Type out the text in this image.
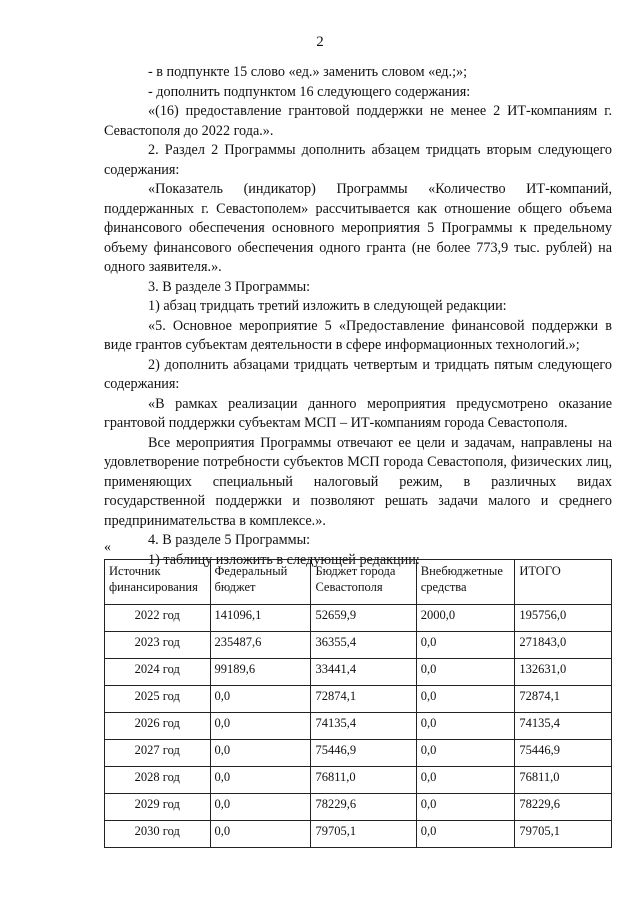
2

- в подпункте 15 слово «ед.» заменить словом «ед.;»;

- дополнить подпунктом 16 следующего содержания:

«(16) предоставление грантовой поддержки не менее 2 ИТ-компаниям г. Севастополя до 2022 года.».

2. Раздел 2 Программы дополнить абзацем тридцать вторым следующего содержания:

«Показатель (индикатор) Программы «Количество ИТ-компаний, поддержанных г. Севастополем» рассчитывается как отношение общего объема финансового обеспечения основного мероприятия 5 Программы к предельному объему финансового обеспечения одного гранта (не более 773,9 тыс. рублей) на одного заявителя.».

3. В разделе 3 Программы:

1) абзац тридцать третий изложить в следующей редакции:

«5. Основное мероприятие 5 «Предоставление финансовой поддержки в виде грантов субъектам деятельности в сфере информационных технологий.»;

2) дополнить абзацами тридцать четвертым и тридцать пятым следующего содержания:

«В рамках реализации данного мероприятия предусмотрено оказание грантовой поддержки субъектам МСП – ИТ-компаниям города Севастополя.

Все мероприятия Программы отвечают ее цели и задачам, направлены на удовлетворение потребности субъектов МСП города Севастополя, физических лиц, применяющих специальный налоговый режим, в различных видах государственной поддержки и позволяют решать задачи малого и среднего предпринимательства в комплексе.».

4. В разделе 5 Программы:

1) таблицу изложить в следующей редакции:

«
Источник финансирования	Федеральный бюджет	Бюджет города Севастополя	Внебюджетные средства	ИТОГО
2022 год	141096,1	52659,9	2000,0	195756,0
2023 год	235487,6	36355,4	0,0	271843,0
2024 год	99189,6	33441,4	0,0	132631,0
2025 год	0,0	72874,1	0,0	72874,1
2026 год	0,0	74135,4	0,0	74135,4
2027 год	0,0	75446,9	0,0	75446,9
2028 год	0,0	76811,0	0,0	76811,0
2029 год	0,0	78229,6	0,0	78229,6
2030 год	0,0	79705,1	0,0	79705,1
